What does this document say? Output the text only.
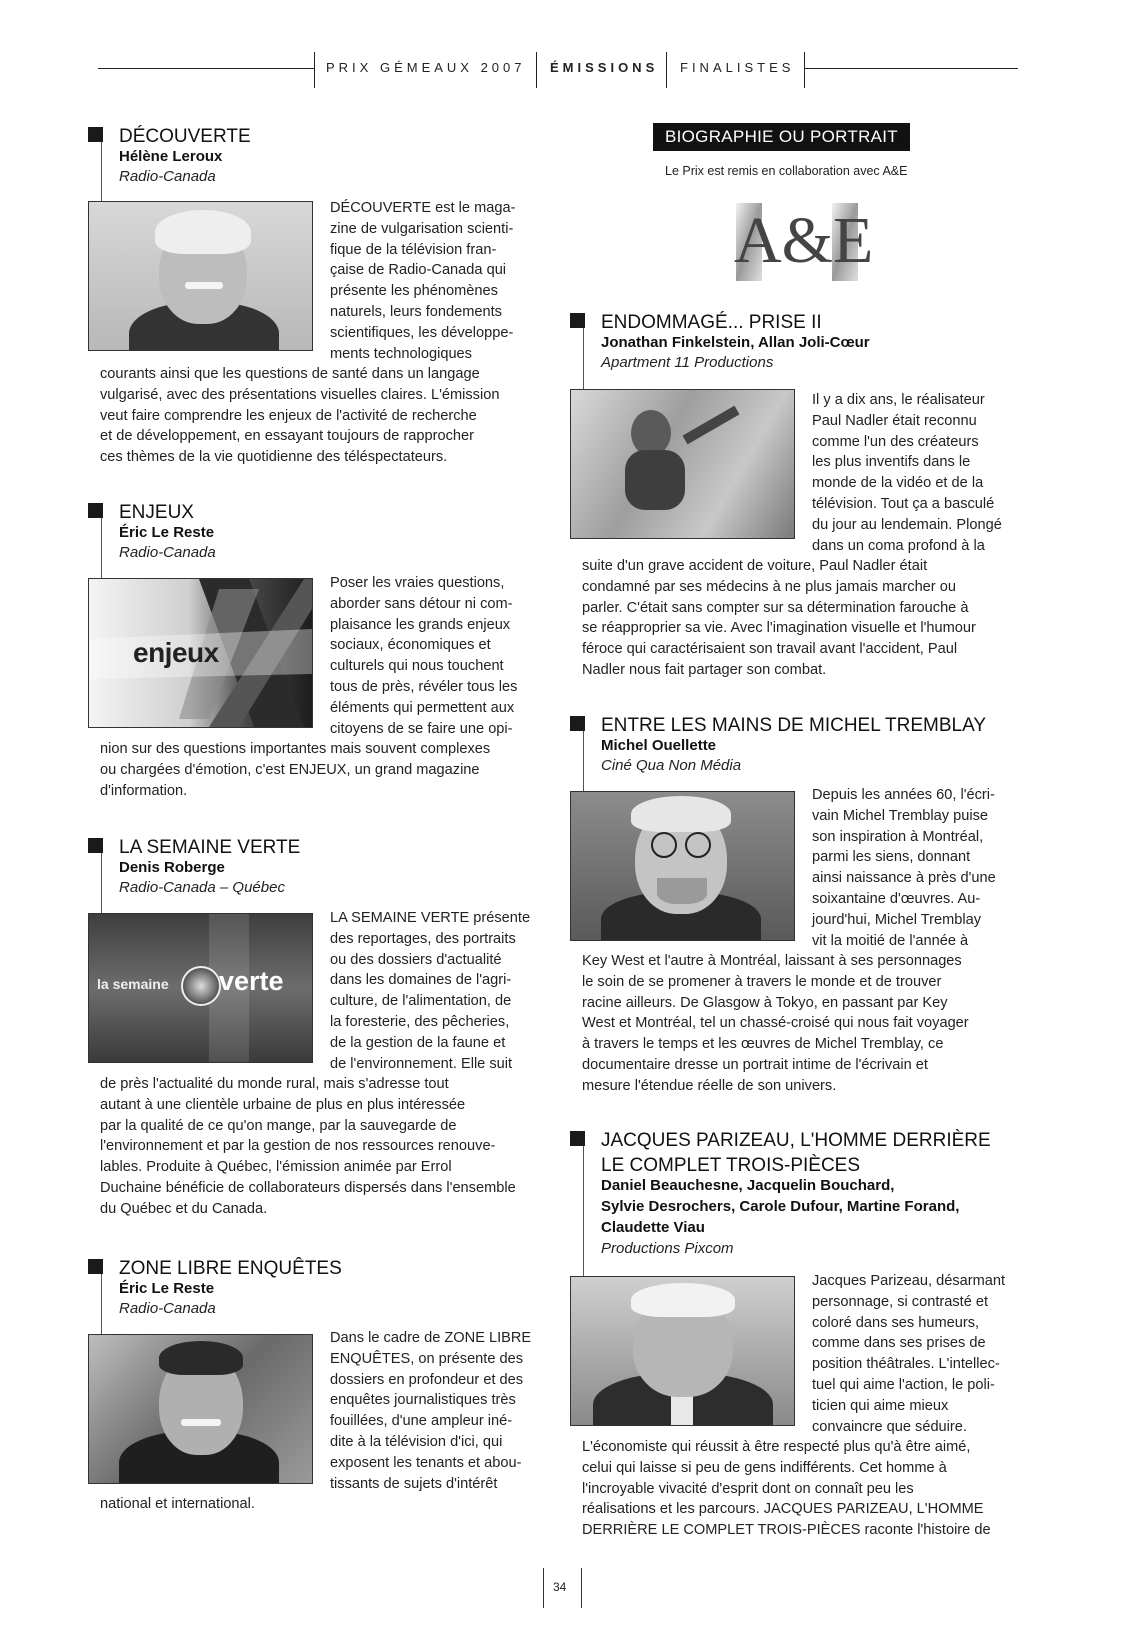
PRIX GÉMEAUX 2007 ÉMISSIONS FINALISTES
DÉCOUVERTE
Hélène Leroux
Radio-Canada
DÉCOUVERTE est le maga-
zine de vulgarisation scienti-
fique de la télévision fran-
çaise de Radio-Canada qui
présente les phénomènes
naturels, leurs fondements
scientifiques, les développe-
ments technologiques
courants ainsi que les questions de santé dans un langage
vulgarisé, avec des présentations visuelles claires. L'émission
veut faire comprendre les enjeux de l'activité de recherche
et de développement, en essayant toujours de rapprocher
ces thèmes de la vie quotidienne des téléspectateurs.
ENJEUX
Éric Le Reste
Radio-Canada
enjeux
Poser les vraies questions,
aborder sans détour ni com-
plaisance les grands enjeux
sociaux, économiques et
culturels qui nous touchent
tous de près, révéler tous les
éléments qui permettent aux
citoyens de se faire une opi-
nion sur des questions importantes mais souvent complexes
ou chargées d'émotion, c'est ENJEUX, un grand magazine
d'information.
LA SEMAINE VERTE
Denis Roberge
Radio-Canada – Québec
la semaine verte
LA SEMAINE VERTE présente
des reportages, des portraits
ou des dossiers d'actualité
dans les domaines de l'agri-
culture, de l'alimentation, de
la foresterie, des pêcheries,
de la gestion de la faune et
de l'environnement. Elle suit
de près l'actualité du monde rural, mais s'adresse tout
autant à une clientèle urbaine de plus en plus intéressée
par la qualité de ce qu'on mange, par la sauvegarde de
l'environnement et par la gestion de nos ressources renouve-
lables. Produite à Québec, l'émission animée par Errol
Duchaine bénéficie de collaborateurs dispersés dans l'ensemble
du Québec et du Canada.
ZONE LIBRE ENQUÊTES
Éric Le Reste
Radio-Canada
Dans le cadre de ZONE LIBRE
ENQUÊTES, on présente des
dossiers en profondeur et des
enquêtes journalistiques très
fouillées, d'une ampleur iné-
dite à la télévision d'ici, qui
exposent les tenants et abou-
tissants de sujets d'intérêt
national et international.
BIOGRAPHIE OU PORTRAIT
Le Prix est remis en collaboration avec A&E
A&E
ENDOMMAGÉ... PRISE II
Jonathan Finkelstein, Allan Joli-Cœur
Apartment 11 Productions
Il y a dix ans, le réalisateur
Paul Nadler était reconnu
comme l'un des créateurs
les plus inventifs dans le
monde de la vidéo et de la
télévision. Tout ça a basculé
du jour au lendemain. Plongé
dans un coma profond à la
suite d'un grave accident de voiture, Paul Nadler était
condamné par ses médecins à ne plus jamais marcher ou
parler. C'était sans compter sur sa détermination farouche à
se réapproprier sa vie. Avec l'imagination visuelle et l'humour
féroce qui caractérisaient son travail avant l'accident, Paul
Nadler nous fait partager son combat.
ENTRE LES MAINS DE MICHEL TREMBLAY
Michel Ouellette
Ciné Qua Non Média
Depuis les années 60, l'écri-
vain Michel Tremblay puise
son inspiration à Montréal,
parmi les siens, donnant
ainsi naissance à près d'une
soixantaine d'œuvres. Au-
jourd'hui, Michel Tremblay
vit la moitié de l'année à
Key West et l'autre à Montréal, laissant à ses personnages
le soin de se promener à travers le monde et de trouver
racine ailleurs. De Glasgow à Tokyo, en passant par Key
West et Montréal, tel un chassé-croisé qui nous fait voyager
à travers le temps et les œuvres de Michel Tremblay, ce
documentaire dresse un portrait intime de l'écrivain et
mesure l'étendue réelle de son univers.
JACQUES PARIZEAU, L'HOMME DERRIÈRE
LE COMPLET TROIS-PIÈCES
Daniel Beauchesne, Jacquelin Bouchard,
Sylvie Desrochers, Carole Dufour, Martine Forand,
Claudette Viau
Productions Pixcom
Jacques Parizeau, désarmant
personnage, si contrasté et
coloré dans ses humeurs,
comme dans ses prises de
position théâtrales. L'intellec-
tuel qui aime l'action, le poli-
ticien qui aime mieux
convaincre que séduire.
L'économiste qui réussit à être respecté plus qu'à être aimé,
celui qui laisse si peu de gens indifférents. Cet homme à
l'incroyable vivacité d'esprit dont on connaît peu les
réalisations et les parcours. JACQUES PARIZEAU, L'HOMME
DERRIÈRE LE COMPLET TROIS-PIÈCES raconte l'histoire de
34
